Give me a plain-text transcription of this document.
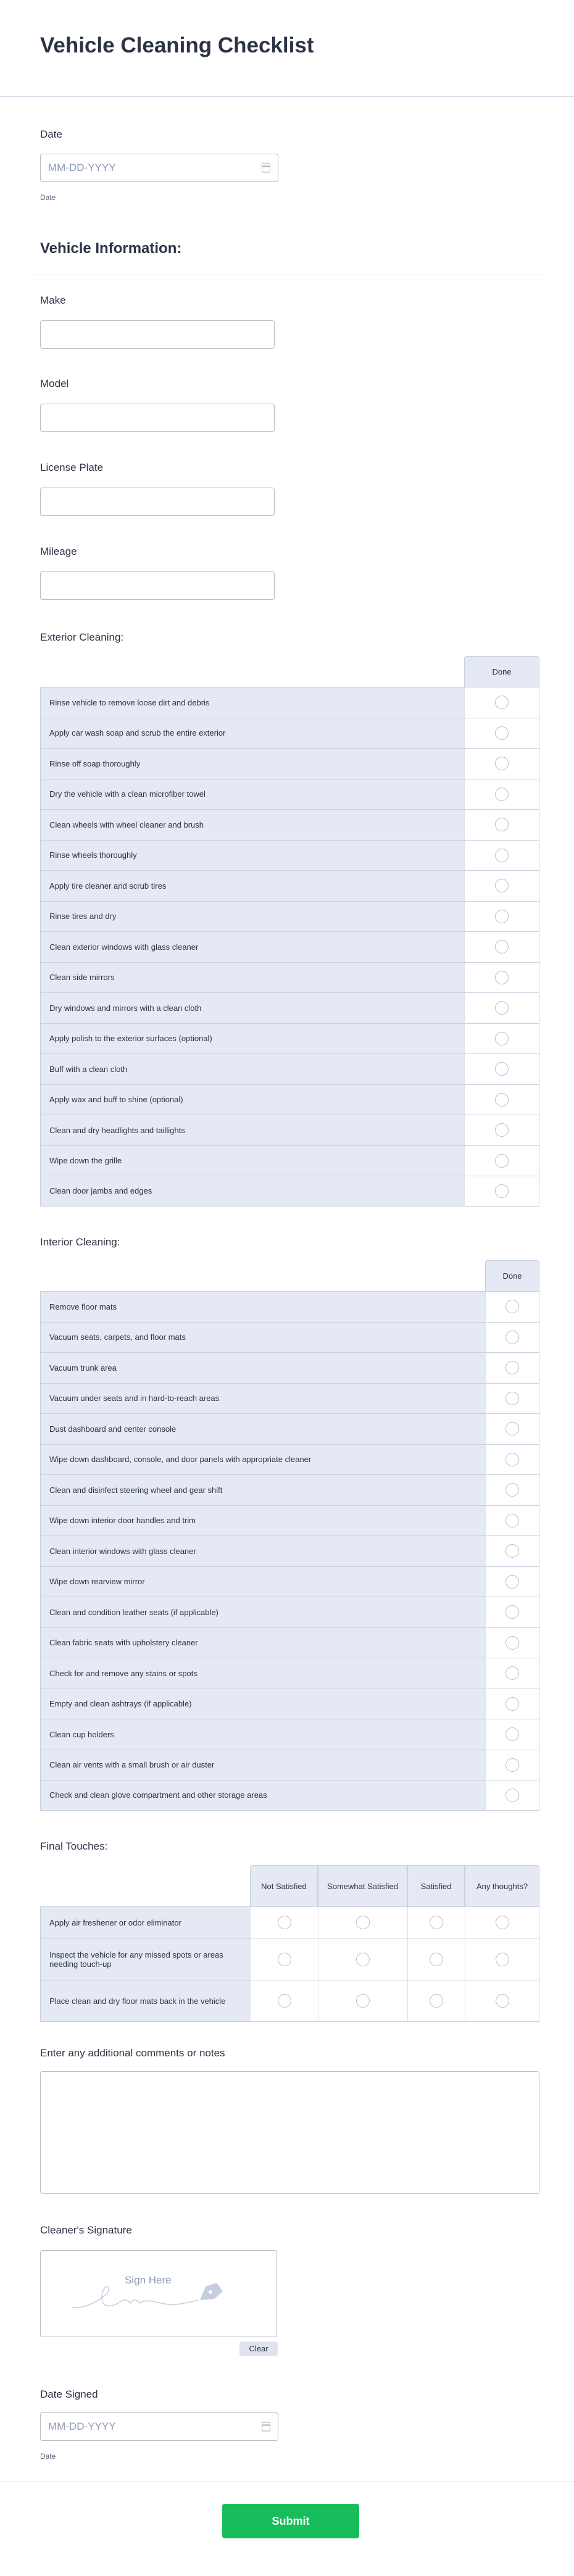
Vehicle Cleaning Checklist
Date
MM-DD-YYYY
Date
Vehicle Information:
Make
Model
License Plate
Mileage
Exterior Cleaning:
	Done
Rinse vehicle to remove loose dirt and debris	
Apply car wash soap and scrub the entire exterior	
Rinse off soap thoroughly	
Dry the vehicle with a clean microfiber towel	
Clean wheels with wheel cleaner and brush	
Rinse wheels thoroughly	
Apply tire cleaner and scrub tires	
Rinse tires and dry	
Clean exterior windows with glass cleaner	
Clean side mirrors	
Dry windows and mirrors with a clean cloth	
Apply polish to the exterior surfaces (optional)	
Buff with a clean cloth	
Apply wax and buff to shine (optional)	
Clean and dry headlights and taillights	
Wipe down the grille	
Clean door jambs and edges	
Interior Cleaning:
	Done
Remove floor mats	
Vacuum seats, carpets, and floor mats	
Vacuum trunk area	
Vacuum under seats and in hard-to-reach areas	
Dust dashboard and center console	
Wipe down dashboard, console, and door panels with appropriate cleaner	
Clean and disinfect steering wheel and gear shift	
Wipe down interior door handles and trim	
Clean interior windows with glass cleaner	
Wipe down rearview mirror	
Clean and condition leather seats (if applicable)	
Clean fabric seats with upholstery cleaner	
Check for and remove any stains or spots	
Empty and clean ashtrays (if applicable)	
Clean cup holders	
Clean air vents with a small brush or air duster	
Check and clean glove compartment and other storage areas	
Final Touches:
	Not Satisfied	Somewhat Satisfied	Satisfied	Any thoughts?
Apply air freshener or odor eliminator				
Inspect the vehicle for any missed spots or areas needing touch-up				
Place clean and dry floor mats back in the vehicle				
Enter any additional comments or notes
Cleaner's Signature
Sign Here
Clear
Date Signed
MM-DD-YYYY
Date
Submit
